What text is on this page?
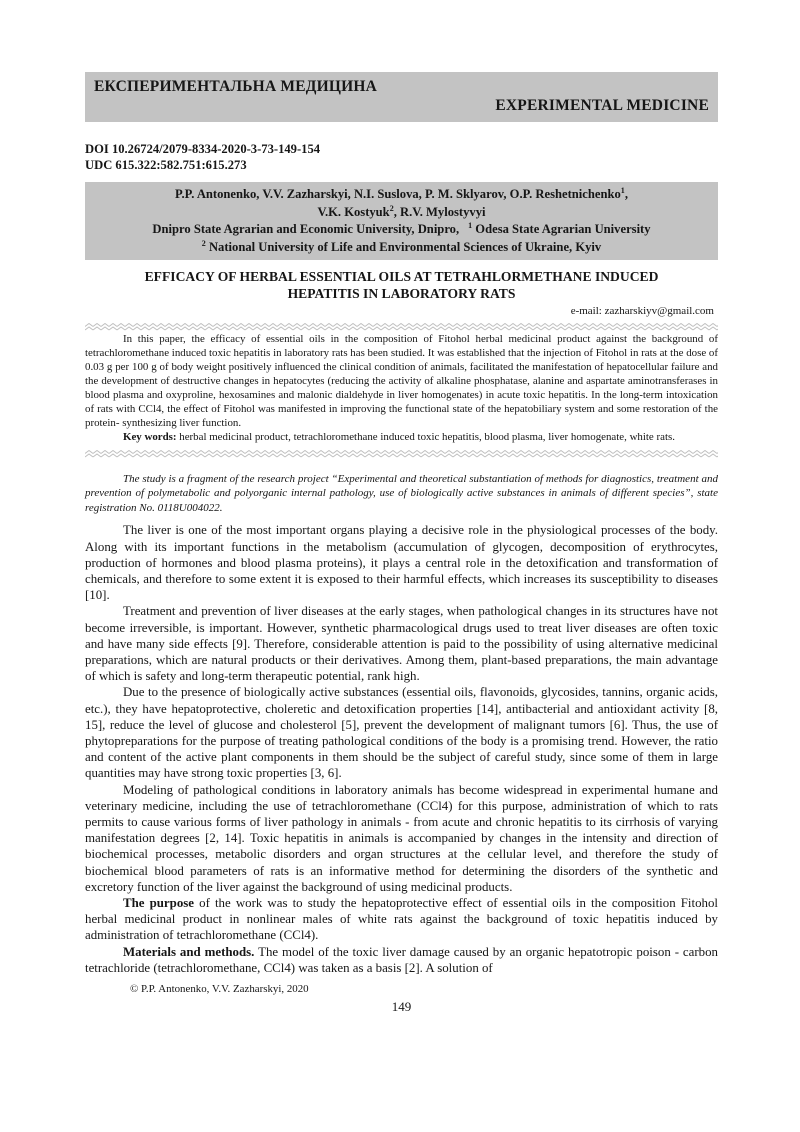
ЕКСПЕРИМЕНТАЛЬНА МЕДИЦИНА
EXPERIMENTAL MEDICINE
DOI 10.26724/2079-8334-2020-3-73-149-154
UDC 615.322:582.751:615.273
P.P. Antonenko, V.V. Zazharskyi, N.I. Suslova, P. M. Sklyarov, O.P. Reshetnichenko$^1$,
V.K. Kostyuk$^2$, R.V. Mylostyvyi
Dnipro State Agrarian and Economic University, Dnipro, $^1$ Odesa State Agrarian University
$^2$ National University of Life and Environmental Sciences of Ukraine, Kyiv
EFFICACY OF HERBAL ESSENTIAL OILS AT TETRAHLORMETHANE INDUCED
HEPATITIS IN LABORATORY RATS
e-mail: zazharskiyv@gmail.com

In this paper, the efficacy of essential oils in the composition of Fitohol herbal medicinal product against the background of tetrachloromethane induced toxic hepatitis in laboratory rats has been studied. It was established that the injection of Fitohol in rats at the dose of 0.03 g per 100 g of body weight positively influenced the clinical condition of animals, facilitated the manifestation of hepatocellular failure and the development of destructive changes in hepatocytes (reducing the activity of alkaline phosphatase, alanine and aspartate aminotransferases in blood plasma and oxyproline, hexosamines and malonic dialdehyde in liver homogenates) in acute toxic hepatitis. In the long-term intoxication of rats with CCl4, the effect of Fitohol was manifested in improving the functional state of the hepatobiliary system and some restoration of the protein- synthesizing liver function.

Key words: herbal medicinal product, tetrachloromethane induced toxic hepatitis, blood plasma, liver homogenate, white rats.

The study is a fragment of the research project “Experimental and theoretical substantiation of methods for diagnostics, treatment and prevention of polymetabolic and polyorganic internal pathology, use of biologically active substances in animals of different species”, state registration No. 0118U004022.

The liver is one of the most important organs playing a decisive role in the physiological processes of the body. Along with its important functions in the metabolism (accumulation of glycogen, decomposition of erythrocytes, production of hormones and blood plasma proteins), it plays a central role in the detoxification and transformation of chemicals, and therefore to some extent it is exposed to their harmful effects, which increases its susceptibility to diseases [10].

Treatment and prevention of liver diseases at the early stages, when pathological changes in its structures have not become irreversible, is important. However, synthetic pharmacological drugs used to treat liver diseases are often toxic and have many side effects [9]. Therefore, considerable attention is paid to the possibility of using alternative medicinal preparations, which are natural products or their derivatives. Among them, plant-based preparations, the main advantage of which is safety and long-term therapeutic potential, rank high.

Due to the presence of biologically active substances (essential oils, flavonoids, glycosides, tannins, organic acids, etc.), they have hepatoprotective, choleretic and detoxification properties [14], antibacterial and antioxidant activity [8, 15], reduce the level of glucose and cholesterol [5], prevent the development of malignant tumors [6]. Thus, the use of phytopreparations for the purpose of treating pathological conditions of the body is a promising trend. However, the ratio and content of the active plant components in them should be the subject of careful study, since some of them in large quantities may have strong toxic properties [3, 6].

Modeling of pathological conditions in laboratory animals has become widespread in experimental humane and veterinary medicine, including the use of tetrachloromethane (CCl4) for this purpose, administration of which to rats permits to cause various forms of liver pathology in animals - from acute and chronic hepatitis to its cirrhosis of varying manifestation degrees [2, 14]. Toxic hepatitis in animals is accompanied by changes in the intensity and direction of biochemical processes, metabolic disorders and organ structures at the cellular level, and therefore the study of biochemical blood parameters of rats is an informative method for determining the disorders of the synthetic and excretory function of the liver against the background of using medicinal products.

The purpose of the work was to study the hepatoprotective effect of essential oils in the composition Fitohol herbal medicinal product in nonlinear males of white rats against the background of toxic hepatitis induced by administration of tetrachloromethane (CCl4).

Materials and methods. The model of the toxic liver damage caused by an organic hepatotropic poison - carbon tetrachloride (tetrachloromethane, CCl4) was taken as a basis [2]. A solution of

© P.P. Antonenko, V.V. Zazharskyi, 2020
149
